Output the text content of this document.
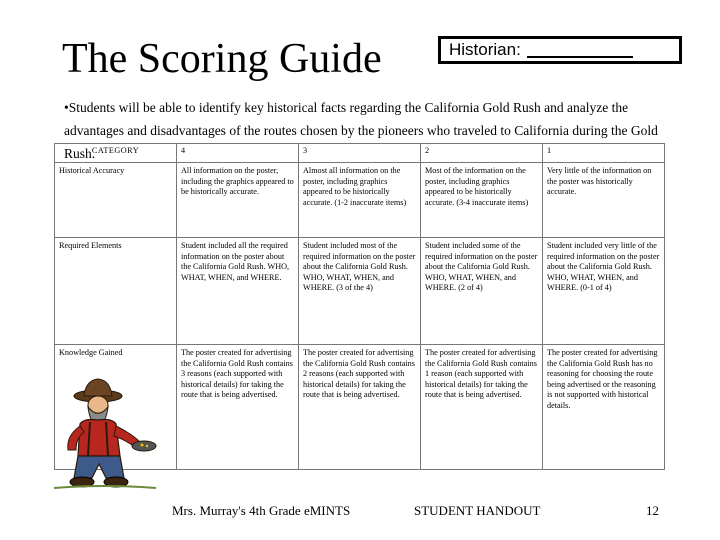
The Scoring Guide	Historian:
•Students will be able to identify key historical facts regarding the California Gold Rush and analyze the advantages and disadvantages of the routes chosen by the pioneers who traveled to California during the Gold Rush.
CATEGORY	4	3	2	1
Historical Accuracy	All information on the poster, including the graphics appeared to be historically accurate.	Almost all information on the poster, including graphics appeared to be historically accurate. (1-2 inaccurate items)	Most of the information on the poster, including graphics appeared to be historically accurate. (3-4 inaccurate items)	Very little of the information on the poster was historically accurate.

Required Elements	Student included all the required information on the poster about the California Gold Rush. WHO, WHAT, WHEN, and WHERE.	Student included most of the required information on the poster about the California Gold Rush. WHO, WHAT, WHEN, and WHERE. (3 of the 4)	Student included some of the required information on the poster about the California Gold Rush. WHO, WHAT, WHEN, and WHERE. (2 of 4)	Student included very little of the required information on the poster about the California Gold Rush. WHO, WHAT, WHEN, and WHERE. (0-1 of 4)

Knowledge Gained	The poster created for advertising the California Gold Rush contains 3 reasons (each supported with historical details) for taking the route that is being advertised.	The poster created for advertising the California Gold Rush contains 2 reasons (each supported with historical details) for taking the route that is being advertised.	The poster created for advertising the California Gold Rush contains 1 reason (each supported with historical details) for taking the route that is being advertised.	The poster created for advertising the California Gold Rush has no reasoning for choosing the route being advertised or the reasoning is not supported with historical details.
Mrs. Murray's 4th Grade eMINTS	STUDENT HANDOUT	12
